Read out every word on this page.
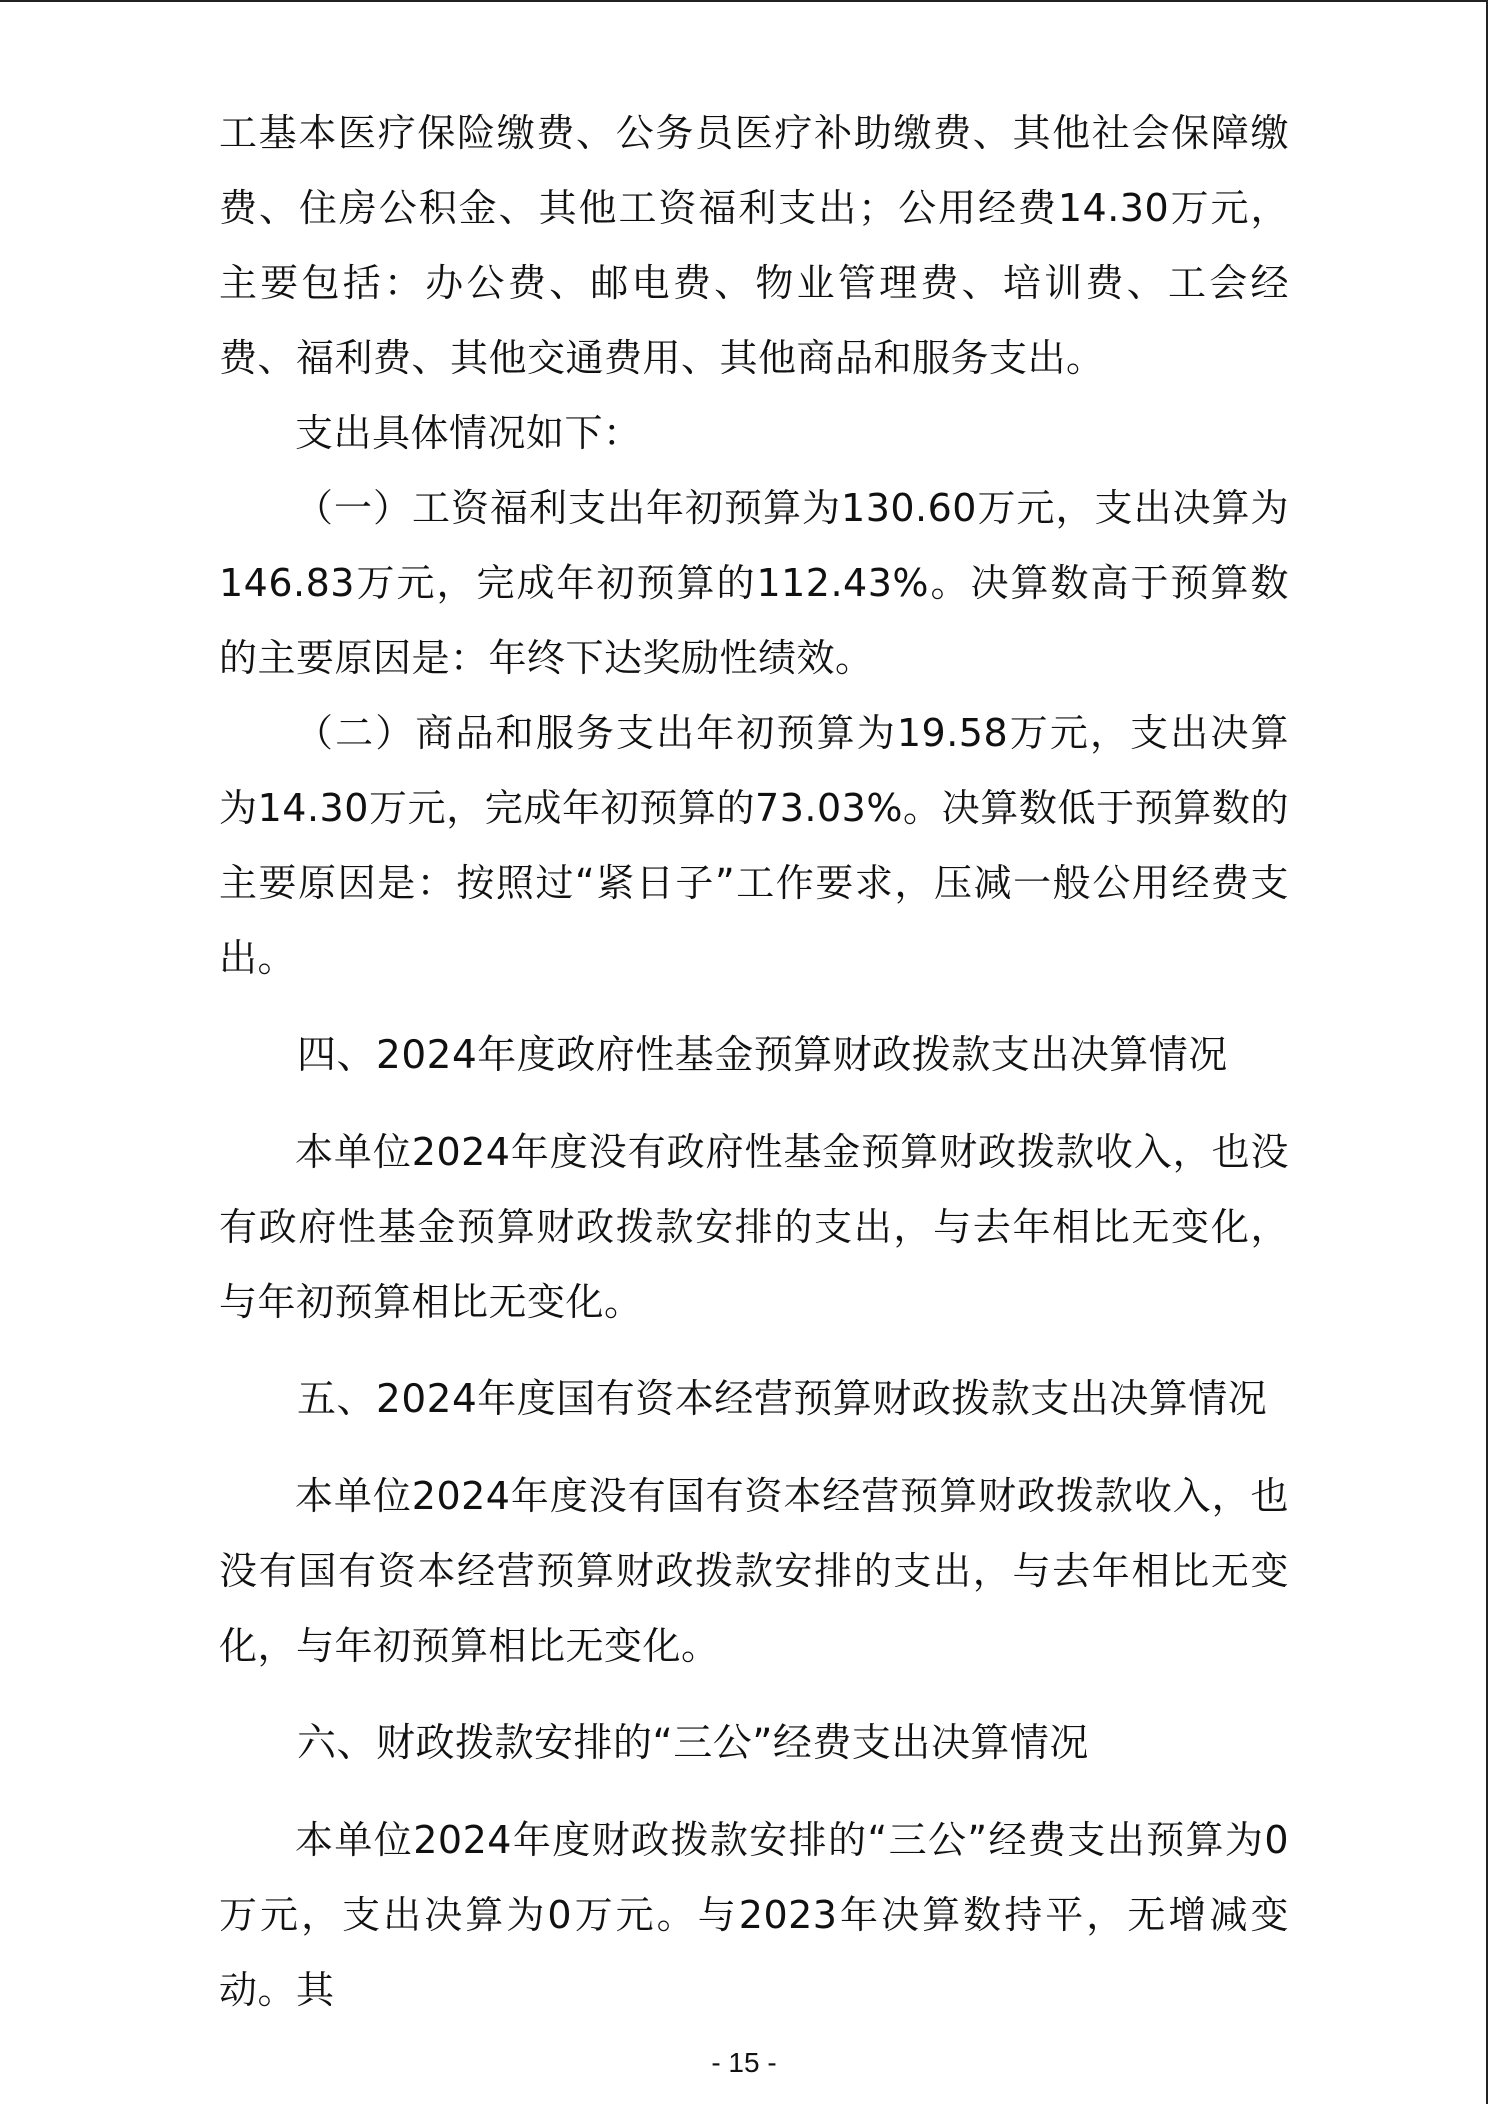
工基本医疗保险缴费、公务员医疗补助缴费、其他社会保障缴费、住房公积金、其他工资福利支出；公用经费14.30万元，主要包括：办公费、邮电费、物业管理费、培训费、工会经费、福利费、其他交通费用、其他商品和服务支出。

支出具体情况如下：

（一）工资福利支出年初预算为130.60万元，支出决算为146.83万元，完成年初预算的112.43%。决算数高于预算数的主要原因是：年终下达奖励性绩效。

（二）商品和服务支出年初预算为19.58万元，支出决算为14.30万元，完成年初预算的73.03%。决算数低于预算数的主要原因是：按照过“紧日子”工作要求，压减一般公用经费支出。

四、2024年度政府性基金预算财政拨款支出决算情况

本单位2024年度没有政府性基金预算财政拨款收入，也没有政府性基金预算财政拨款安排的支出，与去年相比无变化，与年初预算相比无变化。

五、2024年度国有资本经营预算财政拨款支出决算情况

本单位2024年度没有国有资本经营预算财政拨款收入，也没有国有资本经营预算财政拨款安排的支出，与去年相比无变化，与年初预算相比无变化。

六、财政拨款安排的“三公”经费支出决算情况

本单位2024年度财政拨款安排的“三公”经费支出预算为0万元，支出决算为0万元。与2023年决算数持平，无增减变动。其

- 15 -
